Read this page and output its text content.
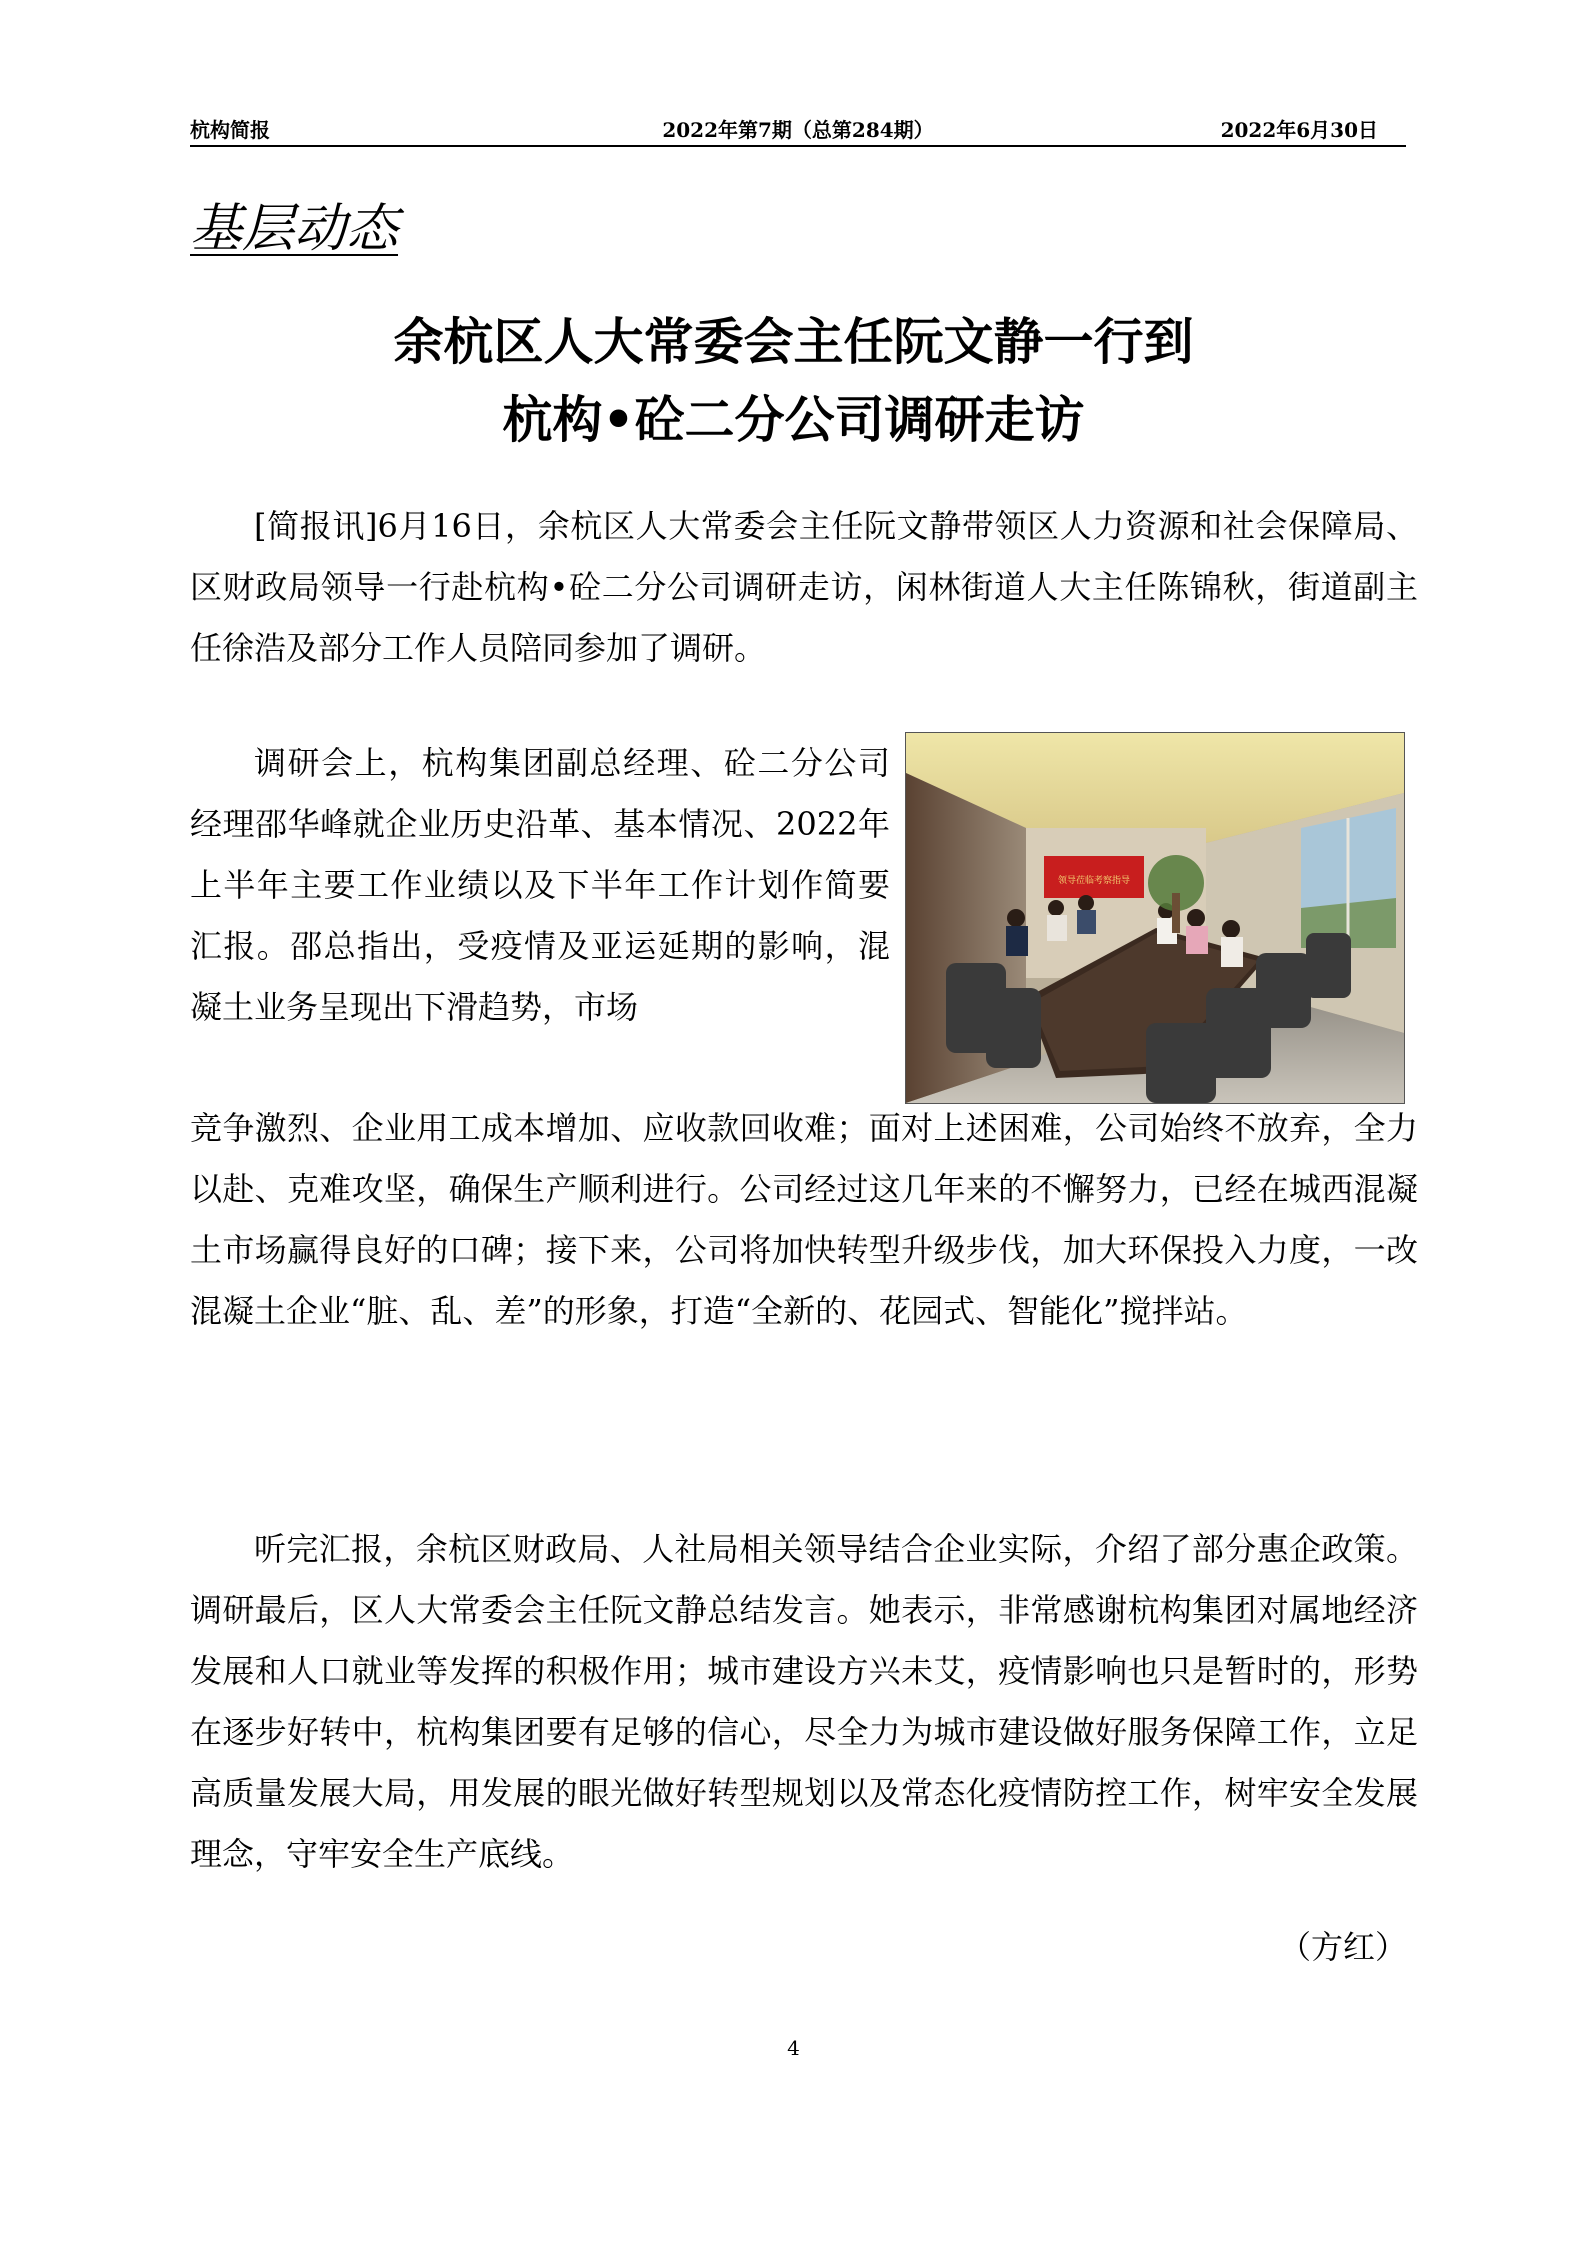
杭构简报	2022年第7期（总第284期）	2022年6月30日
基层动态
余杭区人大常委会主任阮文静一行到
杭构•砼二分公司调研走访

[简报讯]6月16日，余杭区人大常委会主任阮文静带领区人力资源和社会保障局、区财政局领导一行赴杭构•砼二分公司调研走访，闲林街道人大主任陈锦秋，街道副主任徐浩及部分工作人员陪同参加了调研。

调研会上，杭构集团副总经理、砼二分公司经理邵华峰就企业历史沿革、基本情况、2022年上半年主要工作业绩以及下半年工作计划作简要汇报。邵总指出，受疫情及亚运延期的影响，混凝土业务呈现出下滑趋势，市场

领导莅临考察指导

竞争激烈、企业用工成本增加、应收款回收难；面对上述困难，公司始终不放弃，全力以赴、克难攻坚，确保生产顺利进行。公司经过这几年来的不懈努力，已经在城西混凝土市场赢得良好的口碑；接下来，公司将加快转型升级步伐，加大环保投入力度，一改混凝土企业“脏、乱、差”的形象，打造“全新的、花园式、智能化”搅拌站。

听完汇报，余杭区财政局、人社局相关领导结合企业实际，介绍了部分惠企政策。调研最后，区人大常委会主任阮文静总结发言。她表示，非常感谢杭构集团对属地经济发展和人口就业等发挥的积极作用；城市建设方兴未艾，疫情影响也只是暂时的，形势在逐步好转中，杭构集团要有足够的信心，尽全力为城市建设做好服务保障工作，立足高质量发展大局，用发展的眼光做好转型规划以及常态化疫情防控工作，树牢安全发展理念，守牢安全生产底线。

（方红）
4
